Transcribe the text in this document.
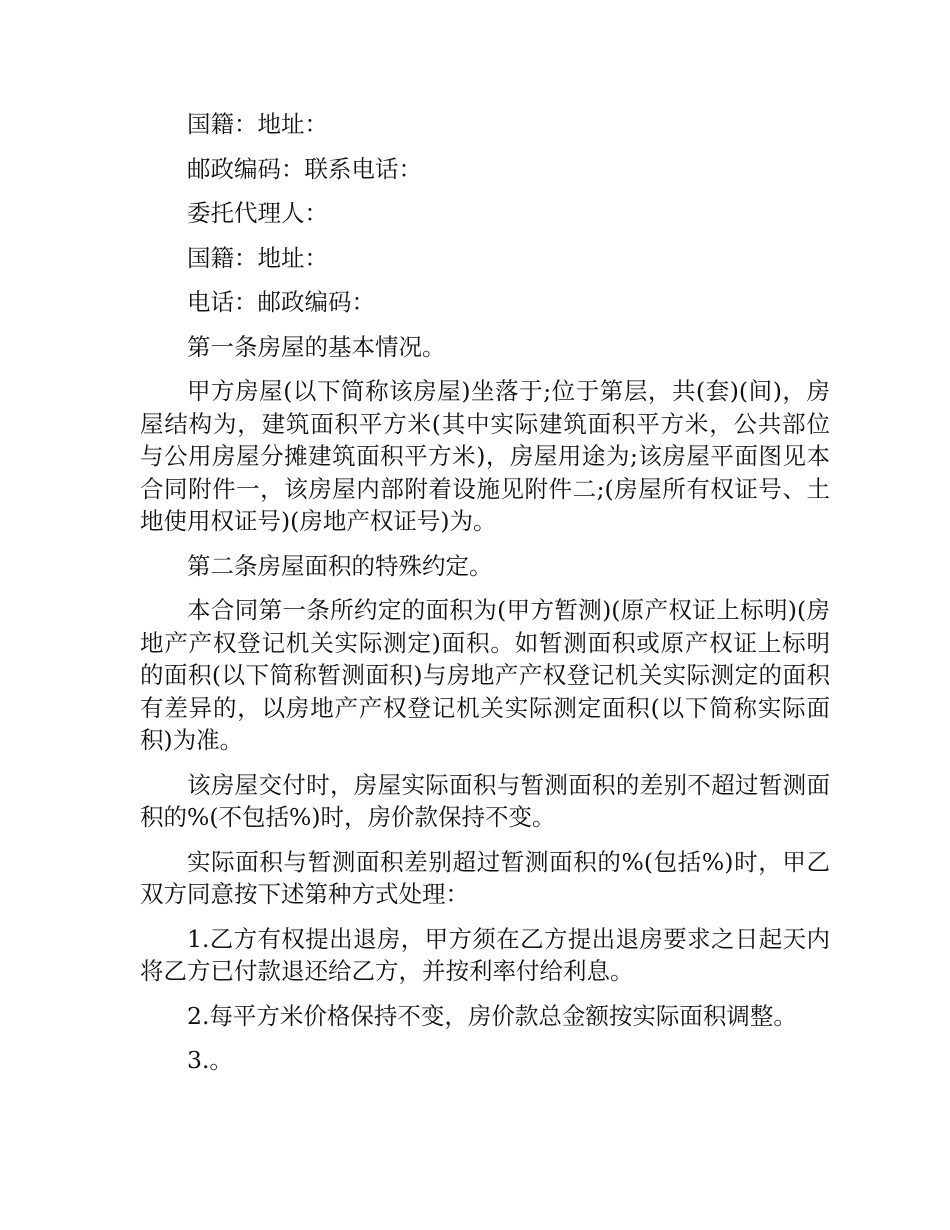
国籍：地址：

邮政编码：联系电话：

委托代理人：

国籍：地址：

电话：邮政编码：

第一条房屋的基本情况。

甲方房屋(以下简称该房屋)坐落于;位于第层，共(套)(间)，房屋结构为，建筑面积平方米(其中实际建筑面积平方米，公共部位与公用房屋分摊建筑面积平方米)，房屋用途为;该房屋平面图见本合同附件一，该房屋内部附着设施见附件二;(房屋所有权证号、土地使用权证号)(房地产权证号)为。

第二条房屋面积的特殊约定。

本合同第一条所约定的面积为(甲方暂测)(原产权证上标明)(房地产产权登记机关实际测定)面积。如暂测面积或原产权证上标明的面积(以下简称暂测面积)与房地产产权登记机关实际测定的面积有差异的，以房地产产权登记机关实际测定面积(以下简称实际面积)为准。

该房屋交付时，房屋实际面积与暂测面积的差别不超过暂测面积的%(不包括%)时，房价款保持不变。

实际面积与暂测面积差别超过暂测面积的%(包括%)时，甲乙双方同意按下述第种方式处理：

1.乙方有权提出退房，甲方须在乙方提出退房要求之日起天内将乙方已付款退还给乙方，并按利率付给利息。

2.每平方米价格保持不变，房价款总金额按实际面积调整。

3.。
